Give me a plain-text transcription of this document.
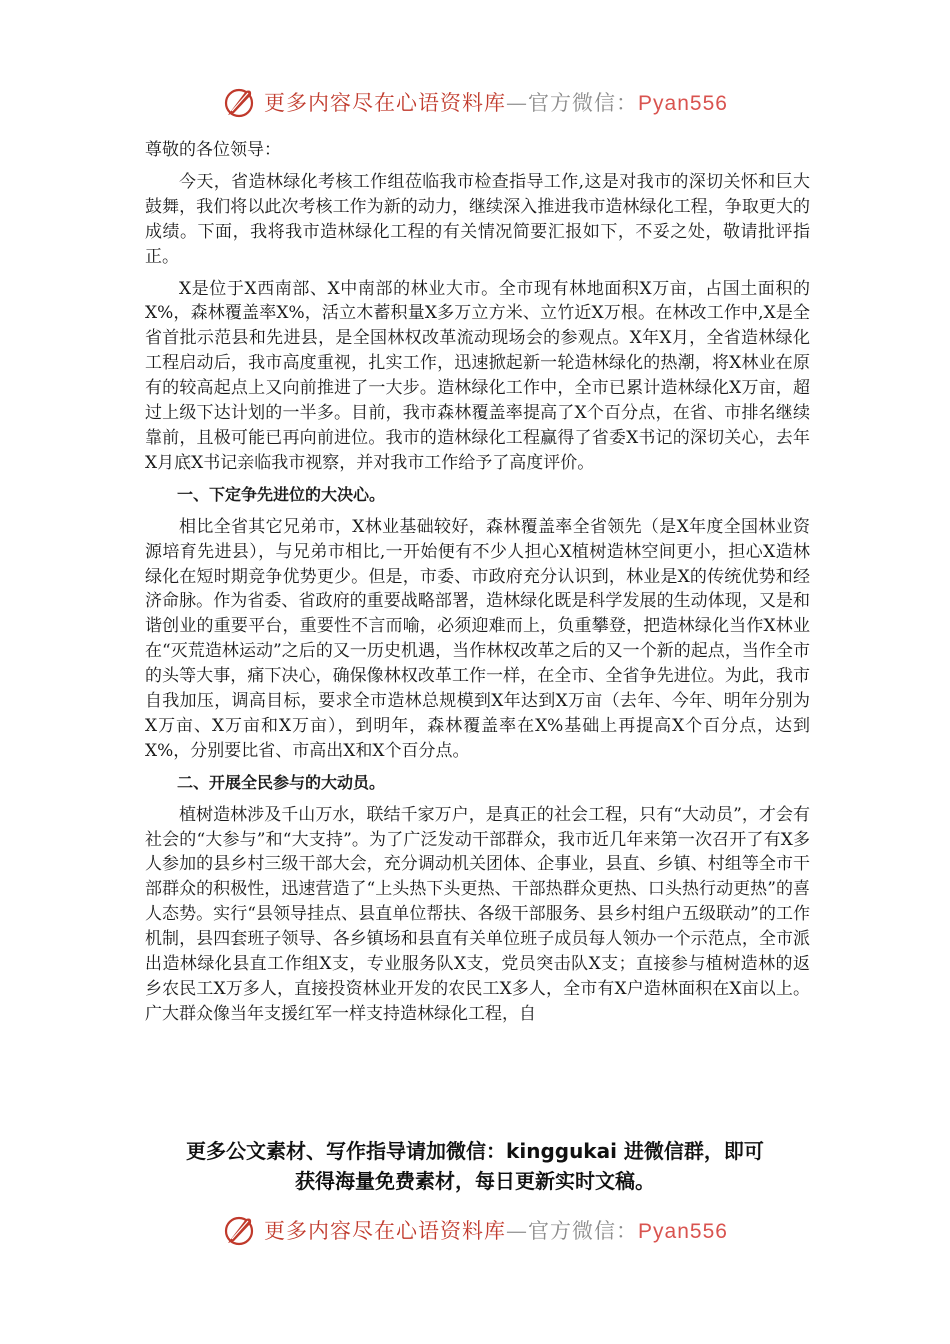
更多内容尽在心语资料库—官方微信：Pyan556

尊敬的各位领导：

今天，省造林绿化考核工作组莅临我市检查指导工作,这是对我市的深切关怀和巨大鼓舞，我们将以此次考核工作为新的动力，继续深入推进我市造林绿化工程，争取更大的成绩。下面，我将我市造林绿化工程的有关情况简要汇报如下，不妥之处，敬请批评指正。

X是位于X西南部、X中南部的林业大市。全市现有林地面积X万亩，占国土面积的X%，森林覆盖率X%，活立木蓄积量X多万立方米、立竹近X万根。在林改工作中,X是全省首批示范县和先进县，是全国林权改革流动现场会的参观点。X年X月，全省造林绿化工程启动后，我市高度重视，扎实工作，迅速掀起新一轮造林绿化的热潮，将X林业在原有的较高起点上又向前推进了一大步。造林绿化工作中，全市已累计造林绿化X万亩，超过上级下达计划的一半多。目前，我市森林覆盖率提高了X个百分点，在省、市排名继续靠前，且极可能已再向前进位。我市的造林绿化工程赢得了省委X书记的深切关心，去年X月底X书记亲临我市视察，并对我市工作给予了高度评价。

一、下定争先进位的大决心。

相比全省其它兄弟市，X林业基础较好，森林覆盖率全省领先（是X年度全国林业资源培育先进县），与兄弟市相比,一开始便有不少人担心X植树造林空间更小，担心X造林绿化在短时期竞争优势更少。但是，市委、市政府充分认识到，林业是X的传统优势和经济命脉。作为省委、省政府的重要战略部署，造林绿化既是科学发展的生动体现，又是和谐创业的重要平台，重要性不言而喻，必须迎难而上，负重攀登，把造林绿化当作X林业在“灭荒造林运动”之后的又一历史机遇，当作林权改革之后的又一个新的起点，当作全市的头等大事，痛下决心，确保像林权改革工作一样，在全市、全省争先进位。为此，我市自我加压，调高目标，要求全市造林总规模到X年达到X万亩（去年、今年、明年分别为X万亩、X万亩和X万亩），到明年，森林覆盖率在X%基础上再提高X个百分点，达到X%，分别要比省、市高出X和X个百分点。

二、开展全民参与的大动员。

植树造林涉及千山万水，联结千家万户，是真正的社会工程，只有“大动员”，才会有社会的“大参与”和“大支持”。为了广泛发动干部群众，我市近几年来第一次召开了有X多人参加的县乡村三级干部大会，充分调动机关团体、企事业，县直、乡镇、村组等全市干部群众的积极性，迅速营造了“上头热下头更热、干部热群众更热、口头热行动更热”的喜人态势。实行“县领导挂点、县直单位帮扶、各级干部服务、县乡村组户五级联动”的工作机制，县四套班子领导、各乡镇场和县直有关单位班子成员每人领办一个示范点，全市派出造林绿化县直工作组X支，专业服务队X支，党员突击队X支；直接参与植树造林的返乡农民工X万多人，直接投资林业开发的农民工X多人，全市有X户造林面积在X亩以上。广大群众像当年支援红军一样支持造林绿化工程，自

更多公文素材、写作指导请加微信：kinggukai 进微信群，即可
获得海量免费素材，每日更新实时文稿。
更多内容尽在心语资料库—官方微信：Pyan556
